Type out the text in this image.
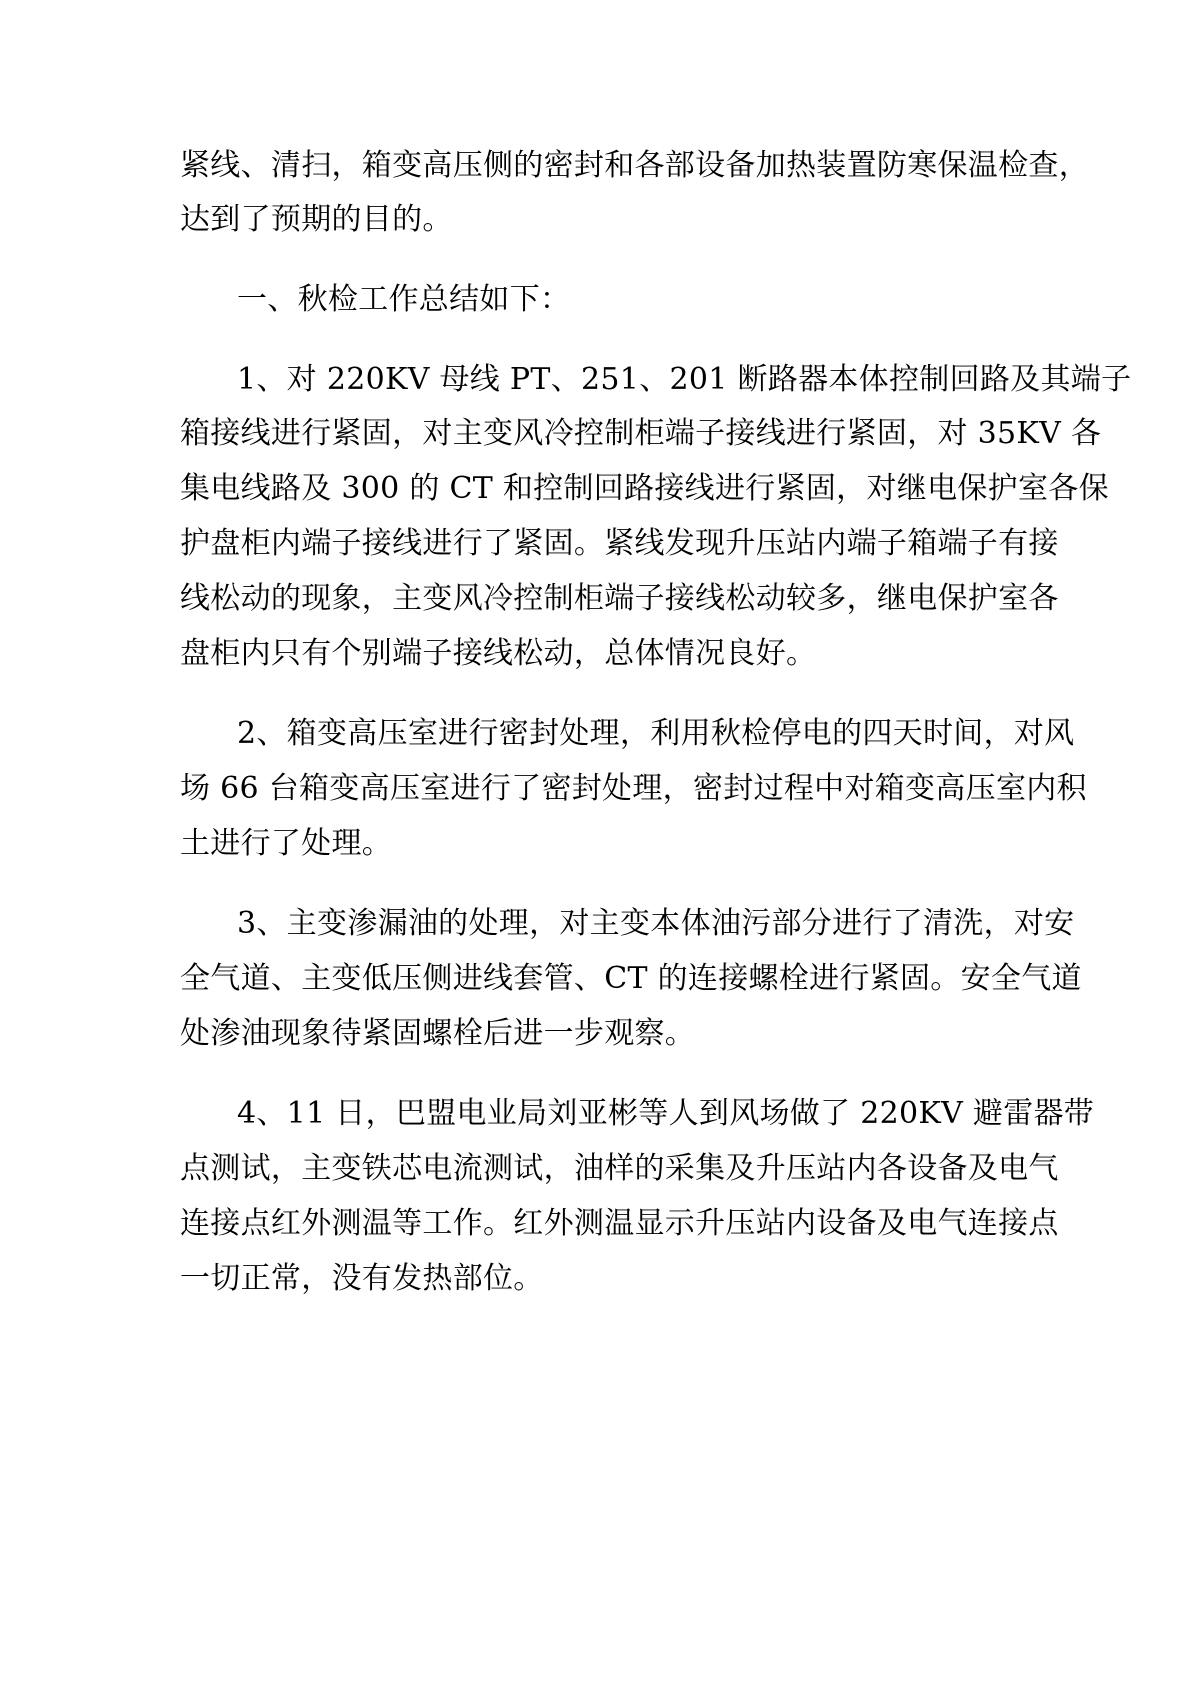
紧线、清扫，箱变高压侧的密封和各部设备加热装置防寒保温检查，
达到了预期的目的。
一、秋检工作总结如下：
1、对 220KV 母线 PT、251、201 断路器本体控制回路及其端子
箱接线进行紧固，对主变风冷控制柜端子接线进行紧固，对 35KV 各
集电线路及 300 的 CT 和控制回路接线进行紧固，对继电保护室各保
护盘柜内端子接线进行了紧固。紧线发现升压站内端子箱端子有接
线松动的现象，主变风冷控制柜端子接线松动较多，继电保护室各
盘柜内只有个别端子接线松动，总体情况良好。
2、箱变高压室进行密封处理，利用秋检停电的四天时间，对风
场 66 台箱变高压室进行了密封处理，密封过程中对箱变高压室内积
土进行了处理。
3、主变渗漏油的处理，对主变本体油污部分进行了清洗，对安
全气道、主变低压侧进线套管、CT 的连接螺栓进行紧固。安全气道
处渗油现象待紧固螺栓后进一步观察。
4、11 日，巴盟电业局刘亚彬等人到风场做了 220KV 避雷器带
点测试，主变铁芯电流测试，油样的采集及升压站内各设备及电气
连接点红外测温等工作。红外测温显示升压站内设备及电气连接点
一切正常，没有发热部位。
